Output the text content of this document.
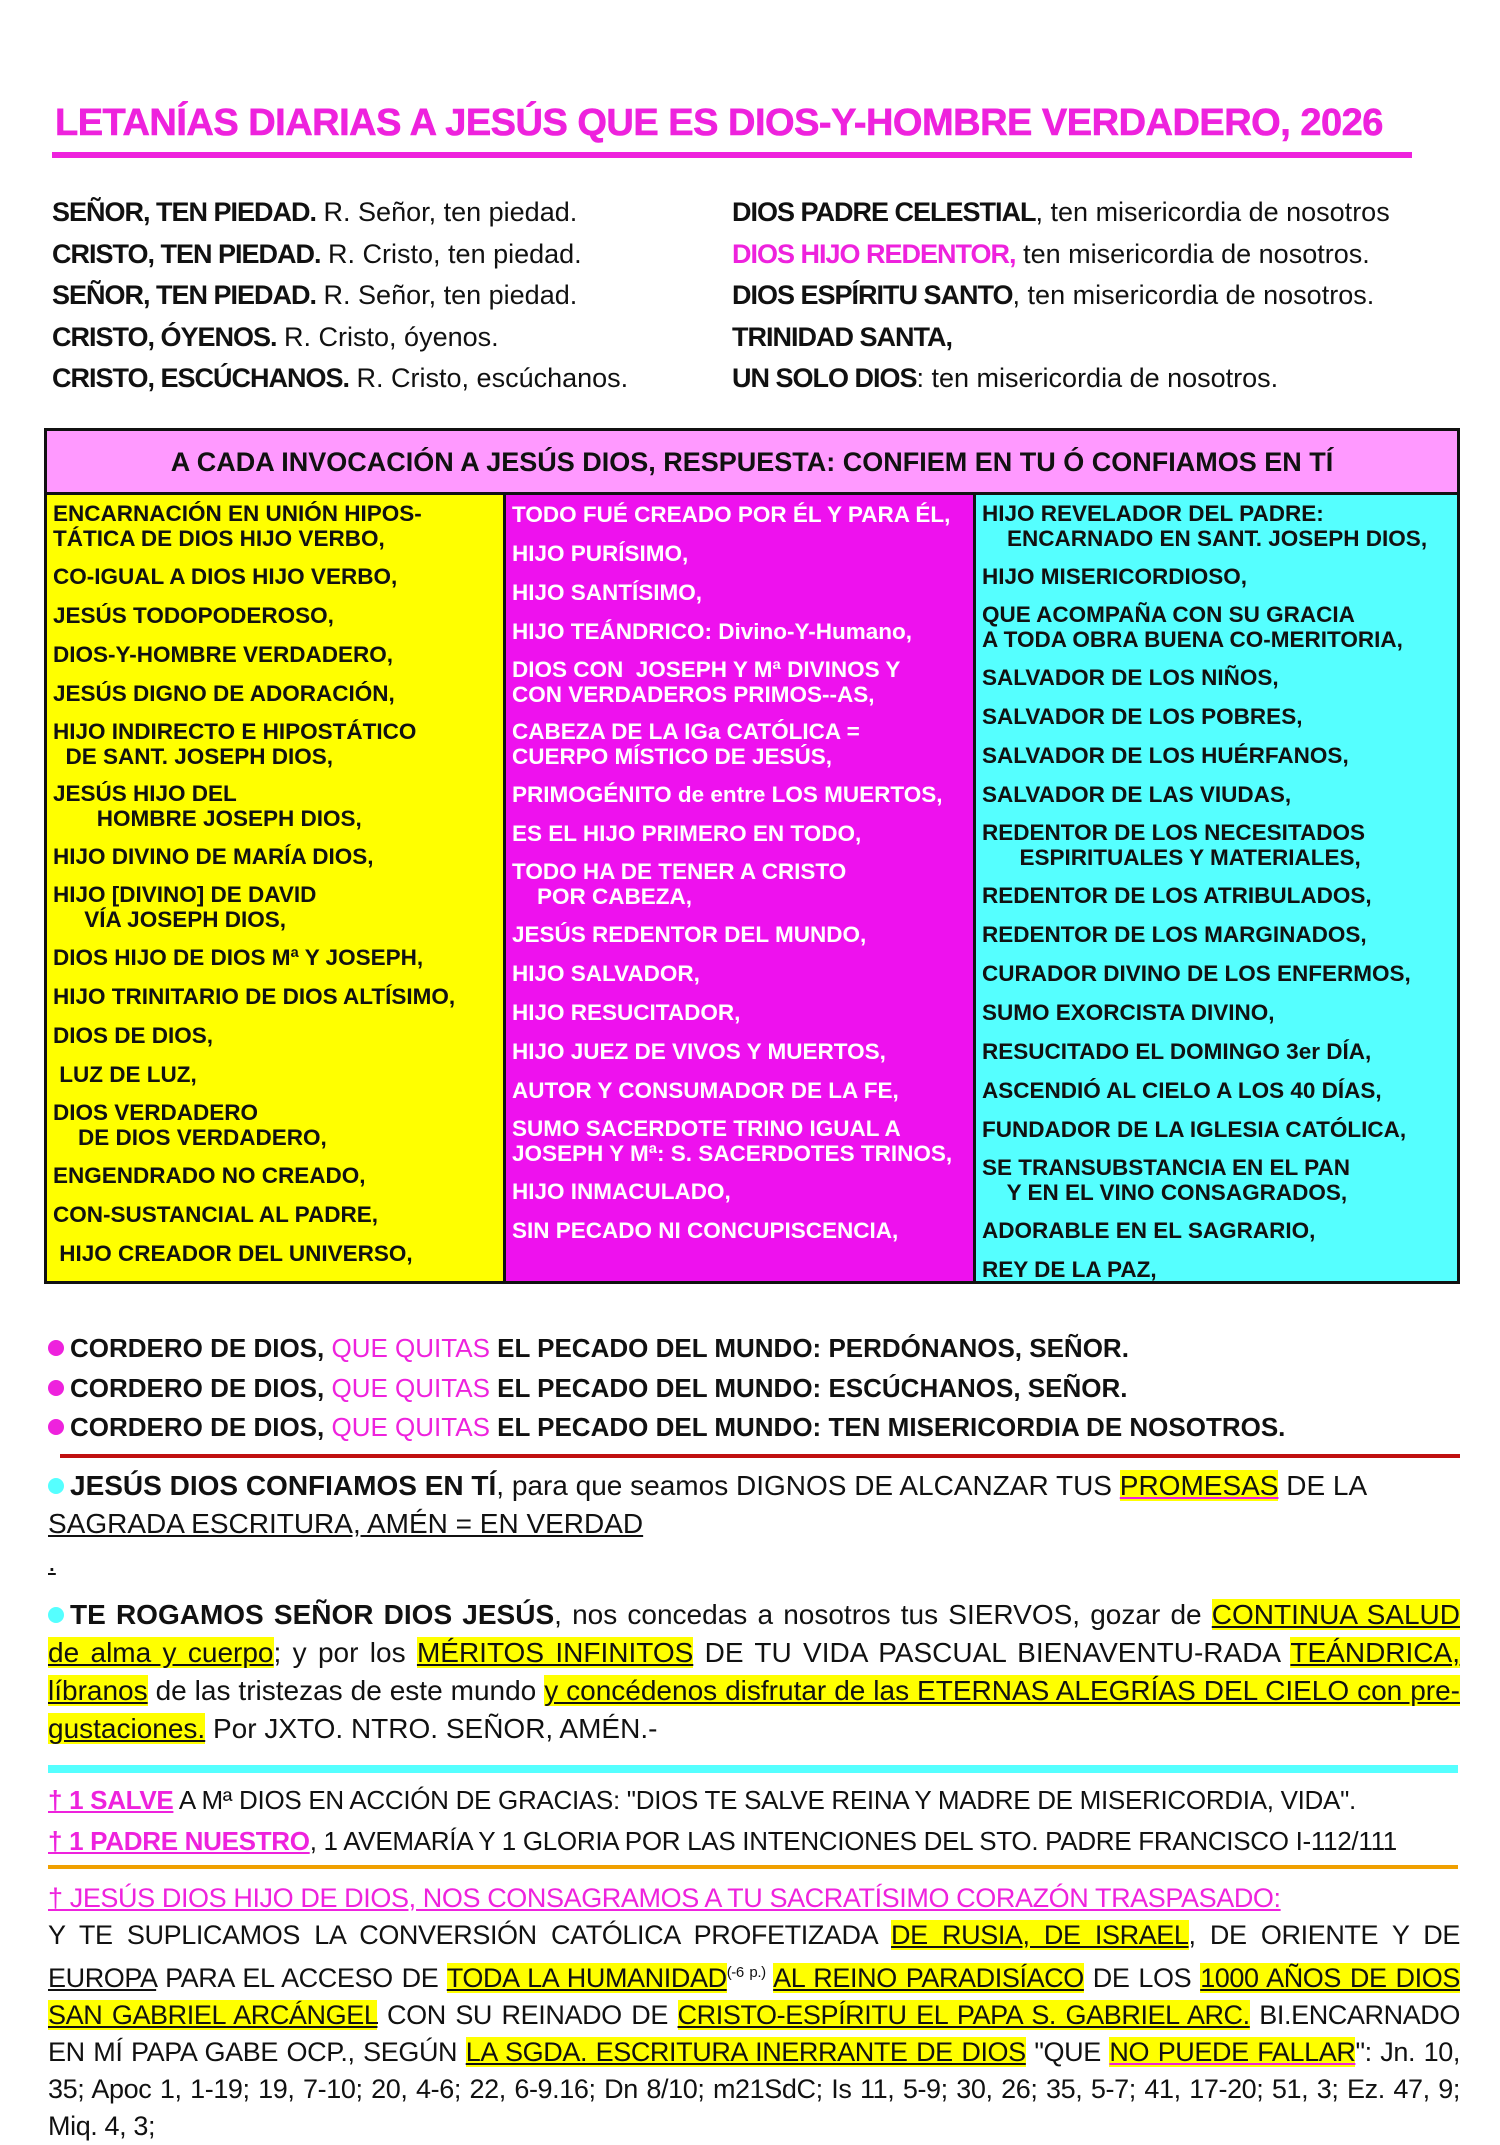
LETANÍAS DIARIAS A JESÚS QUE ES DIOS-Y-HOMBRE VERDADERO, 2026
SEÑOR, TEN PIEDAD. R. Señor, ten piedad.
CRISTO, TEN PIEDAD. R. Cristo, ten piedad.
SEÑOR, TEN PIEDAD. R. Señor, ten piedad.
CRISTO, ÓYENOS. R. Cristo, óyenos.
CRISTO, ESCÚCHANOS. R. Cristo, escúchanos.
DIOS PADRE CELESTIAL, ten misericordia de nosotros
DIOS HIJO REDENTOR, ten misericordia de nosotros.
DIOS ESPÍRITU SANTO, ten misericordia de nosotros.
TRINIDAD SANTA,
UN SOLO DIOS: ten misericordia de nosotros.
A CADA INVOCACIÓN A JESÚS DIOS, RESPUESTA: CONFIEM EN TU Ó CONFIAMOS EN TÍ
ENCARNACIÓN EN UNIÓN HIPOS-
TÁTICA DE DIOS HIJO VERBO,
CO-IGUAL A DIOS HIJO VERBO,
JESÚS TODOPODEROSO,
DIOS-Y-HOMBRE VERDADERO,
JESÚS DIGNO DE ADORACIÓN,
HIJO INDIRECTO E HIPOSTÁTICO
DE SANT. JOSEPH DIOS,
JESÚS HIJO DEL
HOMBRE JOSEPH DIOS,
HIJO DIVINO DE MARÍA DIOS,
HIJO [DIVINO] DE DAVID
VÍA JOSEPH DIOS,
DIOS HIJO DE DIOS Mª Y JOSEPH,
HIJO TRINITARIO DE DIOS ALTÍSIMO,
DIOS DE DIOS,
LUZ DE LUZ,
DIOS VERDADERO
DE DIOS VERDADERO,
ENGENDRADO NO CREADO,
CON-SUSTANCIAL AL PADRE,
HIJO CREADOR DEL UNIVERSO,
TODO FUÉ CREADO POR ÉL Y PARA ÉL,
HIJO PURÍSIMO,
HIJO SANTÍSIMO,
HIJO TEÁNDRICO: Divino-Y-Humano,
DIOS CON  JOSEPH Y Mª DIVINOS Y
CON VERDADEROS PRIMOS--AS,
CABEZA DE LA IGa CATÓLICA =
CUERPO MÍSTICO DE JESÚS,
PRIMOGÉNITO de entre LOS MUERTOS,
ES EL HIJO PRIMERO EN TODO,
TODO HA DE TENER A CRISTO
POR CABEZA,
JESÚS REDENTOR DEL MUNDO,
HIJO SALVADOR,
HIJO RESUCITADOR,
HIJO JUEZ DE VIVOS Y MUERTOS,
AUTOR Y CONSUMADOR DE LA FE,
SUMO SACERDOTE TRINO IGUAL A
JOSEPH Y Mª: S. SACERDOTES TRINOS,
HIJO INMACULADO,
SIN PECADO NI CONCUPISCENCIA,
HIJO REVELADOR DEL PADRE:
ENCARNADO EN SANT. JOSEPH DIOS,
HIJO MISERICORDIOSO,
QUE ACOMPAÑA CON SU GRACIA
A TODA OBRA BUENA CO-MERITORIA,
SALVADOR DE LOS NIÑOS,
SALVADOR DE LOS POBRES,
SALVADOR DE LOS HUÉRFANOS,
SALVADOR DE LAS VIUDAS,
REDENTOR DE LOS NECESITADOS
ESPIRITUALES Y MATERIALES,
REDENTOR DE LOS ATRIBULADOS,
REDENTOR DE LOS MARGINADOS,
CURADOR DIVINO DE LOS ENFERMOS,
SUMO EXORCISTA DIVINO,
RESUCITADO EL DOMINGO 3er DÍA,
ASCENDIÓ AL CIELO A LOS 40 DÍAS,
FUNDADOR DE LA IGLESIA CATÓLICA,
SE TRANSUBSTANCIA EN EL PAN
Y EN EL VINO CONSAGRADOS,
ADORABLE EN EL SAGRARIO,
REY DE LA PAZ,
CORDERO DE DIOS, QUE QUITAS EL PECADO DEL MUNDO: PERDÓNANOS, SEÑOR.
CORDERO DE DIOS, QUE QUITAS EL PECADO DEL MUNDO: ESCÚCHANOS, SEÑOR.
CORDERO DE DIOS, QUE QUITAS EL PECADO DEL MUNDO: TEN MISERICORDIA DE NOSOTROS.
JESÚS DIOS CONFIAMOS EN TÍ, para que seamos DIGNOS DE ALCANZAR TUS PROMESAS DE LA
SAGRADA ESCRITURA, AMÉN = EN VERDAD
.
TE ROGAMOS SEÑOR DIOS JESÚS, nos concedas a nosotros tus SIERVOS, gozar de CONTINUA SALUD de alma y cuerpo; y por los MÉRITOS INFINITOS DE TU VIDA PASCUAL BIENAVENTU-RADA TEÁNDRICA, líbranos de las tristezas de este mundo y concédenos disfrutar de las ETERNAS ALEGRÍAS DEL CIELO con pre-gustaciones. Por JXTO. NTRO. SEÑOR, AMÉN.-
† 1 SALVE A Mª DIOS EN ACCIÓN DE GRACIAS: "DIOS TE SALVE REINA Y MADRE DE MISERICORDIA, VIDA".
† 1 PADRE NUESTRO, 1 AVEMARÍA Y 1 GLORIA POR LAS INTENCIONES DEL STO. PADRE FRANCISCO I-112/111
† JESÚS DIOS HIJO DE DIOS, NOS CONSAGRAMOS A TU SACRATÍSIMO CORAZÓN TRASPASADO:
Y TE SUPLICAMOS LA CONVERSIÓN CATÓLICA PROFETIZADA DE RUSIA, DE ISRAEL, DE ORIENTE Y DE EUROPA PARA EL ACCESO DE TODA LA $HUMANIDAD^{(-6 p.)}$ AL REINO PARADISÍACO DE LOS 1000 AÑOS DE DIOS SAN GABRIEL ARCÁNGEL CON SU REINADO DE CRISTO-ESPÍRITU EL PAPA S. GABRIEL ARC. BI.ENCARNADO EN MÍ PAPA GABE OCP., SEGÚN LA SGDA. ESCRITURA INERRANTE DE DIOS "QUE NO PUEDE FALLAR": Jn. 10, 35; Apoc 1, 1-19; 19, 7-10; 20, 4-6; 22, 6-9.16; Dn 8/10; m21SdC; Is 11, 5-9; 30, 26; 35, 5-7; 41, 17-20; 51, 3; Ez. 47, 9; Miq. 4, 3;
